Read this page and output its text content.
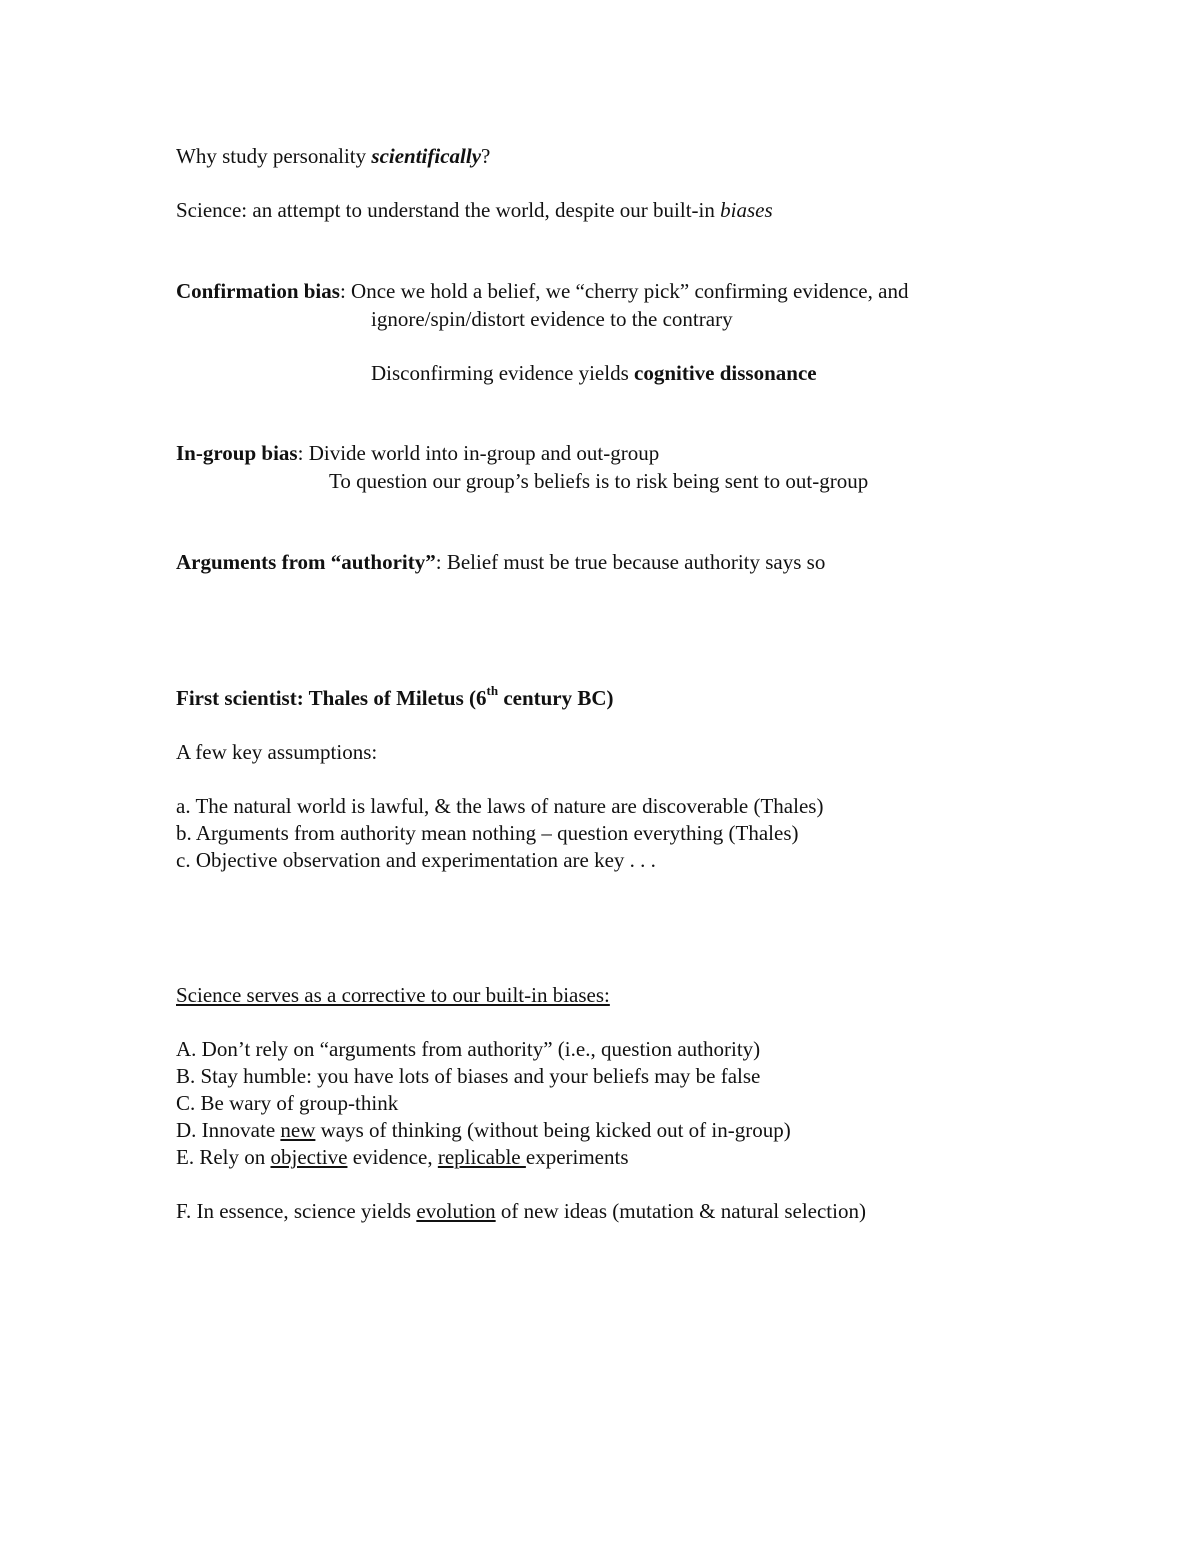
Why study personality scientifically?
Science: an attempt to understand the world, despite our built-in biases
Confirmation bias: Once we hold a belief, we “cherry pick” confirming evidence, and
ignore/spin/distort evidence to the contrary
Disconfirming evidence yields cognitive dissonance
In-group bias: Divide world into in-group and out-group
To question our group’s beliefs is to risk being sent to out-group
Arguments from “authority”: Belief must be true because authority says so
First scientist: Thales of Miletus (6th century BC)
A few key assumptions:
a. The natural world is lawful, & the laws of nature are discoverable (Thales)
b. Arguments from authority mean nothing – question everything (Thales)
c. Objective observation and experimentation are key . . .
Science serves as a corrective to our built-in biases:
A. Don’t rely on “arguments from authority” (i.e., question authority)
B. Stay humble: you have lots of biases and your beliefs may be false
C. Be wary of group-think
D. Innovate new ways of thinking (without being kicked out of in-group)
E. Rely on objective evidence, replicable experiments
F. In essence, science yields evolution of new ideas (mutation & natural selection)
